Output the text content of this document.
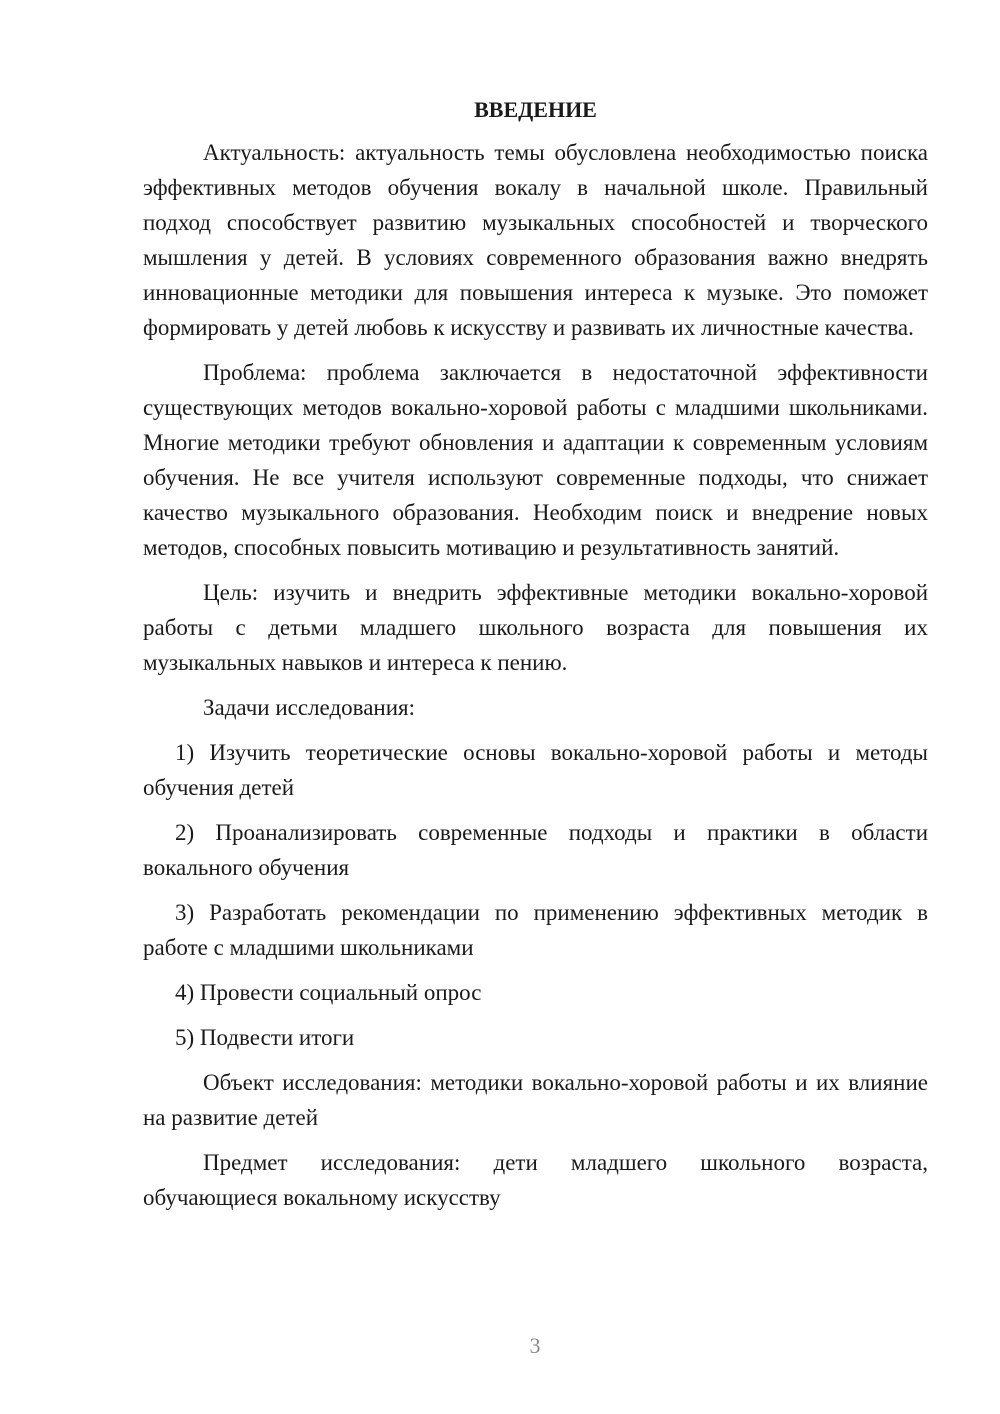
ВВЕДЕНИЕ

Актуальность: актуальность темы обусловлена необходимостью поиска эффективных методов обучения вокалу в начальной школе. Правильный подход способствует развитию музыкальных способностей и творческого мышления у детей. В условиях современного образования важно внедрять инновационные методики для повышения интереса к музыке. Это поможет формировать у детей любовь к искусству и развивать их личностные качества.

Проблема: проблема заключается в недостаточной эффективности существующих методов вокально-хоровой работы с младшими школьниками. Многие методики требуют обновления и адаптации к современным условиям обучения. Не все учителя используют современные подходы, что снижает качество музыкального образования. Необходим поиск и внедрение новых методов, способных повысить мотивацию и результативность занятий.

Цель: изучить и внедрить эффективные методики вокально-хоровой работы с детьми младшего школьного возраста для повышения их музыкальных навыков и интереса к пению.

Задачи исследования:

1) Изучить теоретические основы вокально-хоровой работы и методы обучения детей

2) Проанализировать современные подходы и практики в области вокального обучения

3) Разработать рекомендации по применению эффективных методик в работе с младшими школьниками

4) Провести социальный опрос

5) Подвести итоги

Объект исследования: методики вокально-хоровой работы и их влияние на развитие детей

Предмет исследования: дети младшего школьного возраста, обучающиеся вокальному искусству

3
